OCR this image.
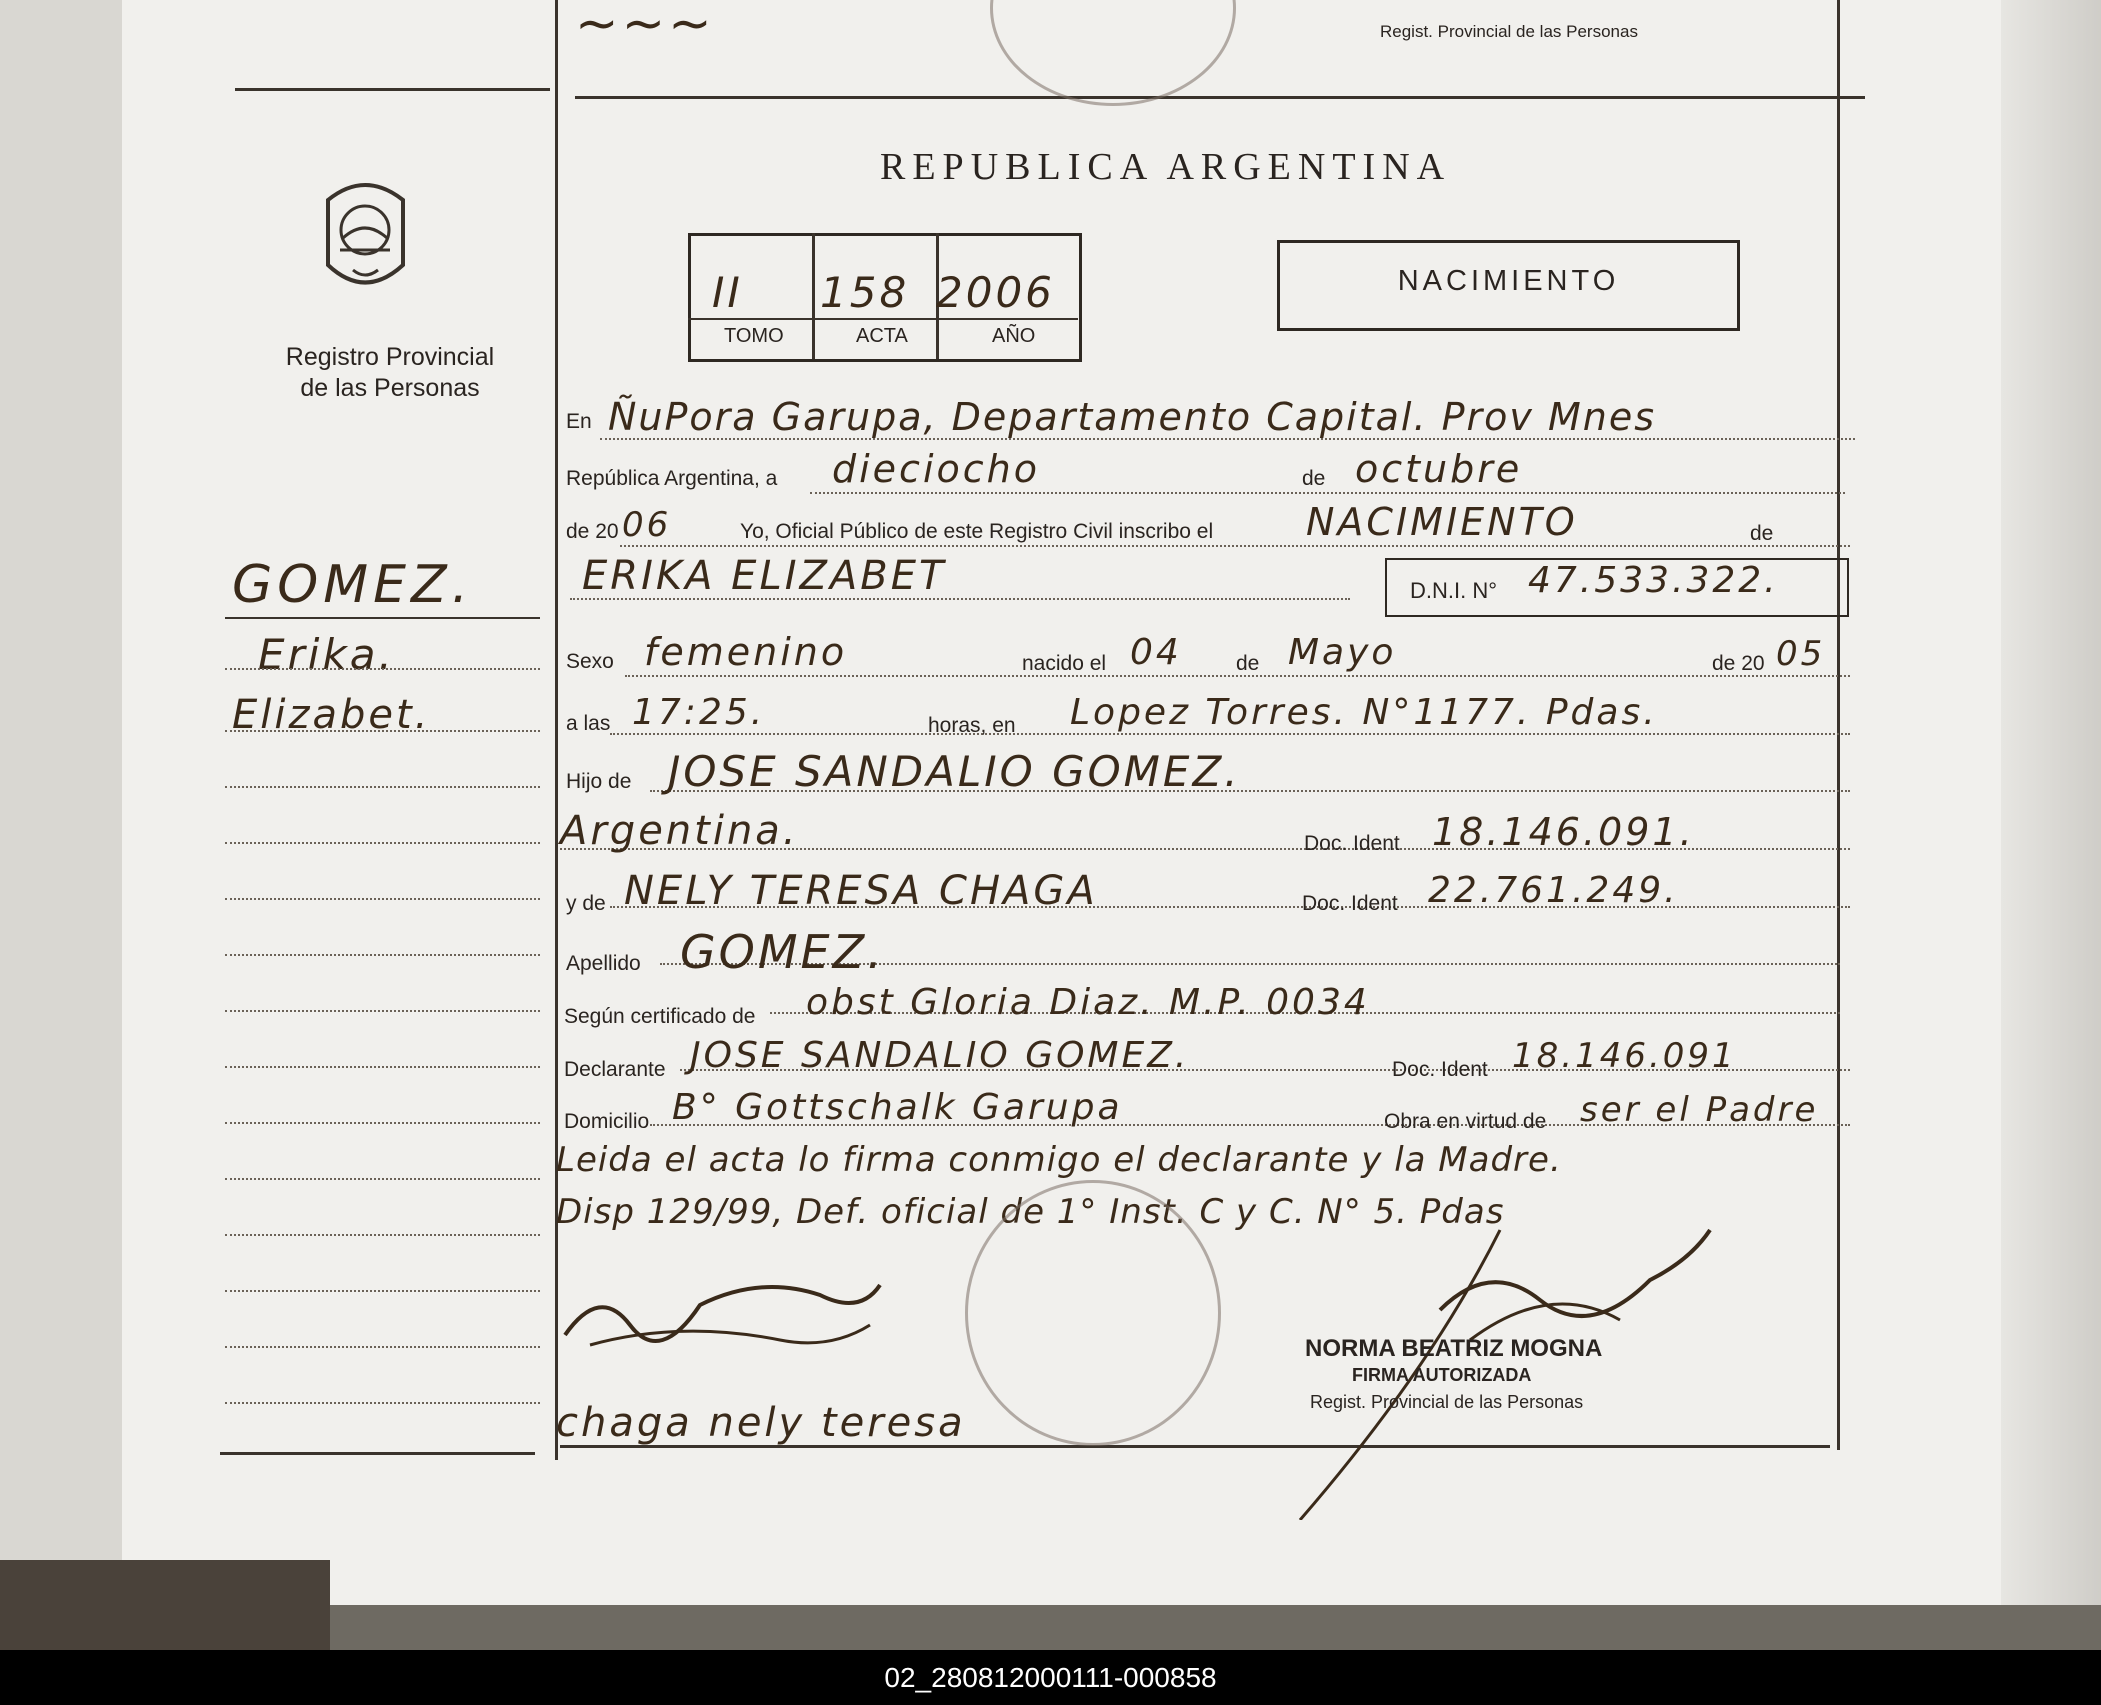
~~~	Regist. Provincial de las Personas
Registro Provincial
de las Personas
REPUBLICA ARGENTINA
II 158 2006
TOMO	ACTA	AÑO
NACIMIENTO
GOMEZ.
Erika.
Elizabet.
En ÑuPora Garupa, Departamento Capital. Prov Mnes
República Argentina, a dieciocho	de octubre
de 20 06	Yo, Oficial Público de este Registro Civil inscribo el NACIMIENTO	de
ERIKA ELIZABET	D.N.I. N° 47.533.322.
Sexo femenino	nacido el 04	de Mayo	de 20 05
a las 17:25.	horas, en Lopez Torres. N°1177. Pdas.
Hijo de JOSE SANDALIO GOMEZ.
Argentina.	Doc. Ident 18.146.091.
y de NELY TERESA CHAGA	Doc. Ident 22.761.249.
Apellido GOMEZ.
Según certificado de obst Gloria Diaz. M.P. 0034
Declarante JOSE SANDALIO GOMEZ.	Doc. Ident 18.146.091
Domicilio B° Gottschalk Garupa	Obra en virtud de ser el Padre
Leida el acta lo firma conmigo el declarante y la Madre.
Disp 129/99, Def. oficial de 1° Inst. C y C. N° 5. Pdas
chaga nely teresa
NORMA BEATRIZ MOGNA
FIRMA AUTORIZADA
Regist. Provincial de las Personas
02_280812000111-000858
